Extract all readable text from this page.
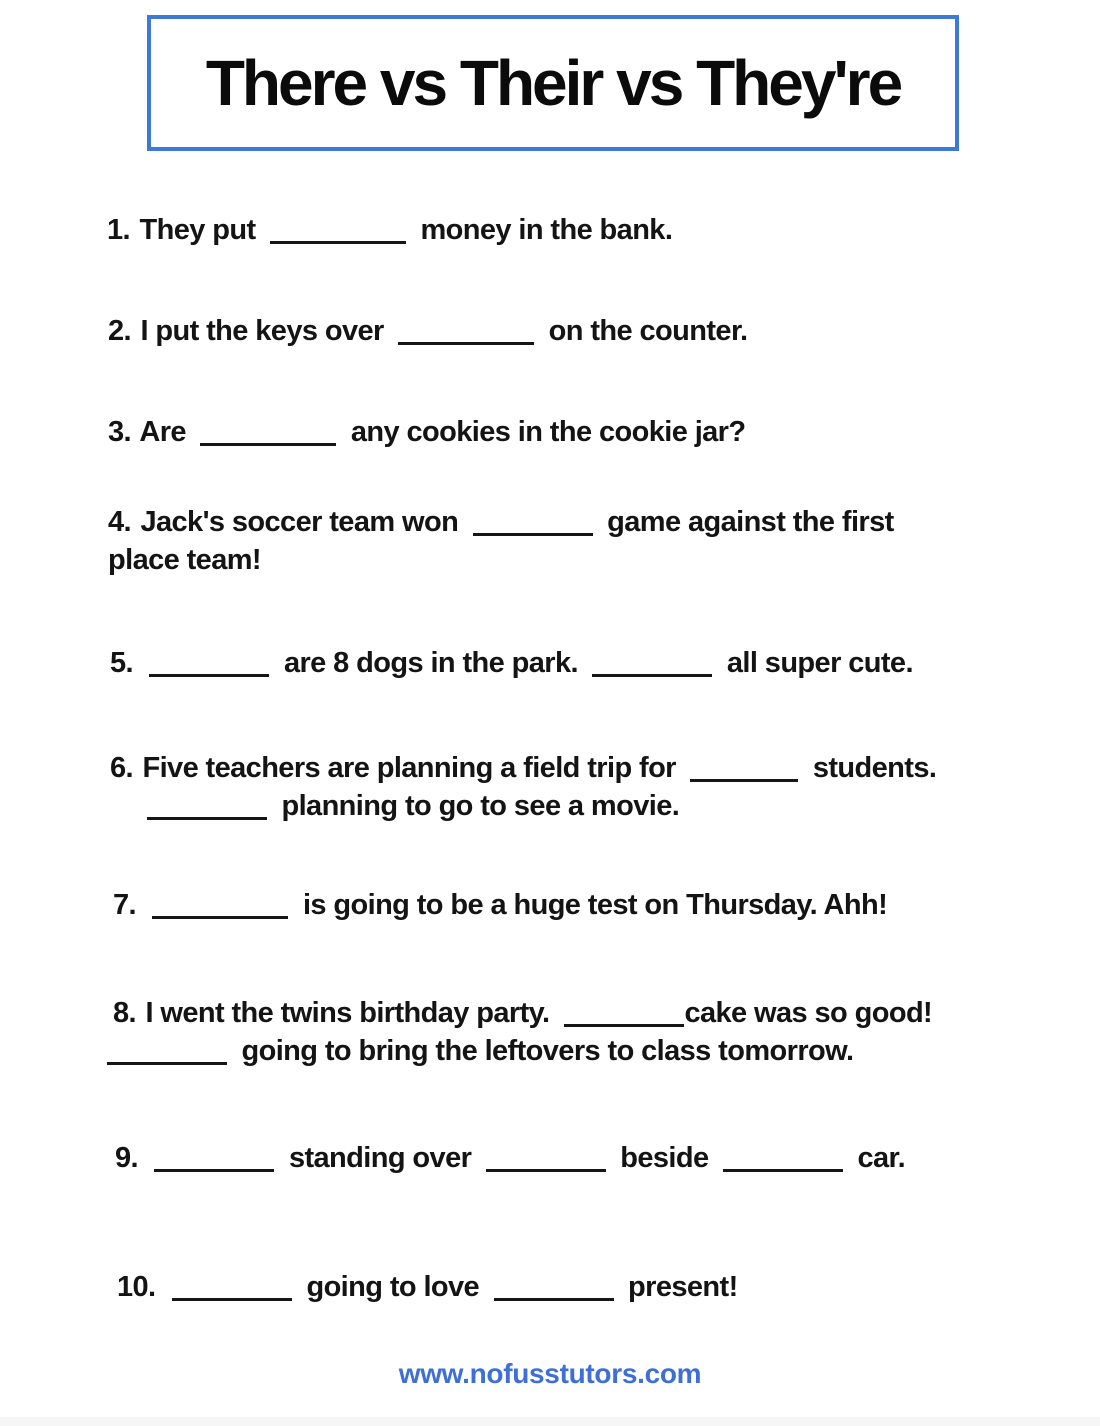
There vs Their vs They're
1. They put	money in the bank.
2. I put the keys over	on the counter.
3. Are	any cookies in the cookie jar?
4. Jack's soccer team won	game against the first
place team!
5.	are 8 dogs in the park.	all super cute.
6. Five teachers are planning a field trip for	students.
planning to go to see a movie.
7.	is going to be a huge test on Thursday. Ahh!
8. I went the twins birthday party.	cake was so good!
going to bring the leftovers to class tomorrow.
9.	standing over	beside	car.
10.	going to love	present!
www.nofusstutors.com
